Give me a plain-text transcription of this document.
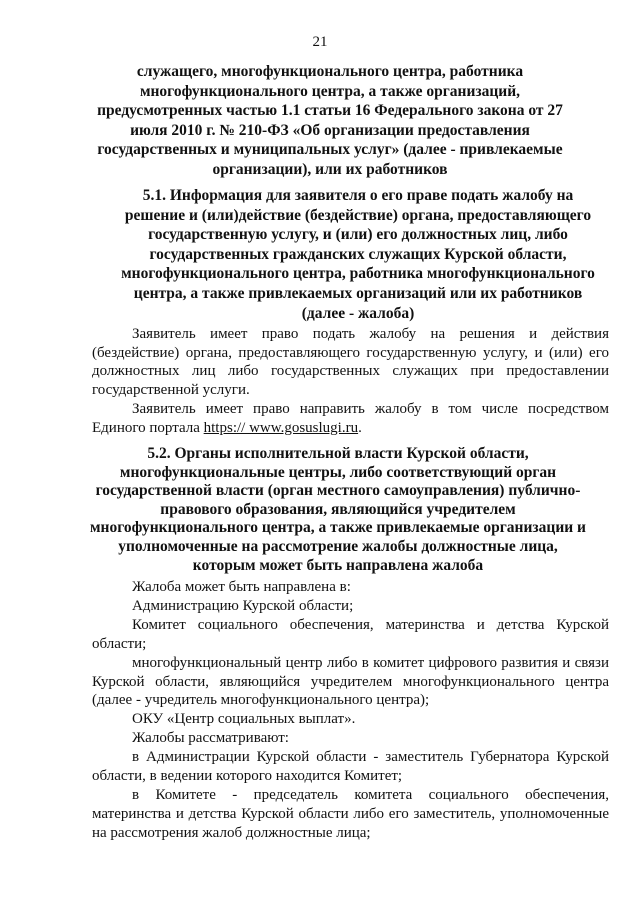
21
служащего, многофункционального центра, работника многофункционального центра, а также организаций, предусмотренных частью 1.1 статьи 16 Федерального закона от 27 июля 2010 г. № 210-ФЗ «Об организации предоставления государственных и муниципальных услуг» (далее - привлекаемые организации), или их работников
5.1. Информация для заявителя о его праве подать жалобу на решение и (или)действие (бездействие) органа, предоставляющего государственную услугу, и (или) его должностных лиц, либо государственных гражданских служащих Курской области, многофункционального центра, работника многофункционального центра, а также привлекаемых организаций или их работников (далее - жалоба)

Заявитель имеет право подать жалобу на решения и действия (бездействие) органа, предоставляющего государственную услугу, и (или) его должностных лиц либо государственных служащих при предоставлении государственной услуги.

Заявитель имеет право направить жалобу в том числе посредством Единого портала https:// www.gosuslugi.ru.

5.2. Органы исполнительной власти Курской области, многофункциональные центры, либо соответствующий орган государственной власти (орган местного самоуправления) публично-правового образования, являющийся учредителем многофункционального центра, а также привлекаемые организации и уполномоченные на рассмотрение жалобы должностные лица, которым может быть направлена жалоба

Жалоба может быть направлена в:

Администрацию Курской области;

Комитет социального обеспечения, материнства и детства Курской области;

многофункциональный центр либо в комитет цифрового развития и связи Курской области, являющийся учредителем многофункционального центра (далее - учредитель многофункционального центра);

ОКУ «Центр социальных выплат».

Жалобы рассматривают:

в Администрации Курской области - заместитель Губернатора Курской области, в ведении которого находится Комитет;

в Комитете - председатель комитета социального обеспечения, материнства и детства Курской области либо его заместитель, уполномоченные на рассмотрения жалоб должностные лица;
